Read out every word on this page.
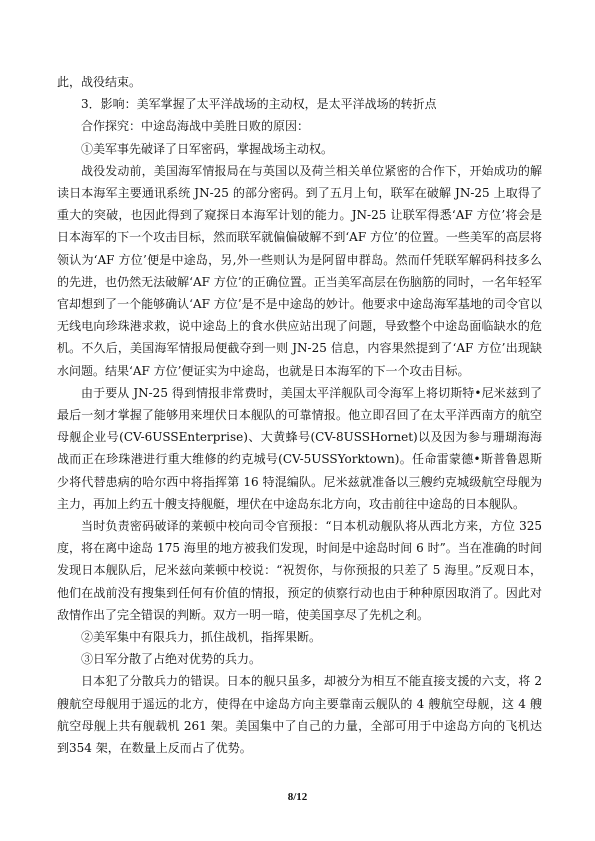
此，战役结束。

3．影响：美军掌握了太平洋战场的主动权，是太平洋战场的转折点

合作探究：中途岛海战中美胜日败的原因：

①美军事先破译了日军密码，掌握战场主动权。

战役发动前，美国海军情报局在与英国以及荷兰相关单位紧密的合作下，开始成功的解读日本海军主要通讯系统 JN-25 的部分密码。到了五月上旬，联军在破解 JN-25 上取得了重大的突破，也因此得到了窥探日本海军计划的能力。JN-25 让联军得悉‘AF 方位’将会是日本海军的下一个攻击目标，然而联军就偏偏破解不到‘AF 方位’的位置。一些美军的高层将领认为‘AF 方位’便是中途岛，另,外一些则认为是阿留申群岛。然而仟凭联军解码科技多么的先进，也仍然无法破解‘AF 方位’的正确位置。正当美军高层在伤脑筋的同时，一名年轻军官却想到了一个能够确认‘AF 方位’是不是中途岛的妙计。他要求中途岛海军基地的司令官以无线电向珍珠港求救，说中途岛上的食水供应站出现了问题，导致整个中途岛面临缺水的危机。不久后，美国海军情报局便截夺到一则 JN-25 信息，内容果然提到了‘AF 方位’出现缺水问题。结果‘AF 方位’便证实为中途岛，也就是日本海军的下一个攻击目标。

由于要从 JN-25 得到情报非常费时，美国太平洋舰队司令海军上将切斯特•尼米兹到了最后一刻才掌握了能够用来埋伏日本舰队的可靠情报。他立即召回了在太平洋西南方的航空母舰企业号(CV-6USSEnterprise)、大黄蜂号(CV-8USSHornet)以及因为参与珊瑚海海战而正在珍珠港进行重大维修的约克城号(CV-5USSYorktown)。任命雷蒙德•斯普鲁恩斯少将代替患病的哈尔西中将指挥第 16 特混编队。尼米兹就准备以三艘约克城级航空母舰为主力，再加上约五十艘支持舰艇，埋伏在中途岛东北方向，攻击前往中途岛的日本舰队。

当时负责密码破译的莱顿中校向司令官预报：“日本机动舰队将从西北方来，方位 325度，将在离中途岛 175 海里的地方被我们发现，时间是中途岛时间 6 时”。当在准确的时间发现日本舰队后，尼米兹向莱顿中校说：“祝贺你，与你预报的只差了 5 海里。”反观日本，他们在战前没有搜集到任何有价值的情报，预定的侦察行动也由于种种原因取消了。因此对敌情作出了完全错误的判断。双方一明一暗，使美国享尽了先机之利。

②美军集中有限兵力，抓住战机，指挥果断。

③日军分散了占绝对优势的兵力。

日本犯了分散兵力的错误。日本的舰只虽多，却被分为相互不能直接支援的六支，将 2艘航空母舰用于遥远的北方，使得在中途岛方向主要靠南云舰队的 4 艘航空母舰，这 4 艘航空母舰上共有舰载机 261 架。美国集中了自己的力量，全部可用于中途岛方向的飞机达到354 架，在数量上反而占了优势。

8/12
